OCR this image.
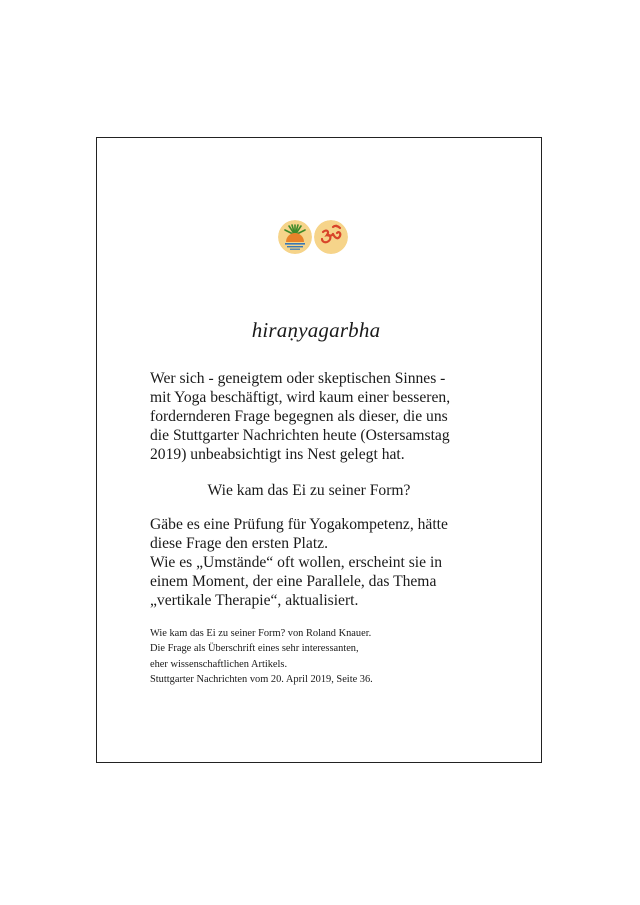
hiraṇyagarbha

Wer sich - geneigtem oder skeptischen Sinnes -
mit Yoga beschäftigt, wird kaum einer besseren,
fordernderen Frage begegnen als dieser, die uns
die Stuttgarter Nachrichten heute (Ostersamstag
2019) unbeabsichtigt ins Nest gelegt hat.

Wie kam das Ei zu seiner Form?

Gäbe es eine Prüfung für Yogakompetenz, hätte
diese Frage den ersten Platz.
Wie es „Umstände“ oft wollen, erscheint sie in
einem Moment, der eine Parallele, das Thema
„vertikale Therapie“, aktualisiert.

Wie kam das Ei zu seiner Form? von Roland Knauer.
Die Frage als Überschrift eines sehr interessanten,
eher wissenschaftlichen Artikels.
Stuttgarter Nachrichten vom 20. April 2019, Seite 36.
